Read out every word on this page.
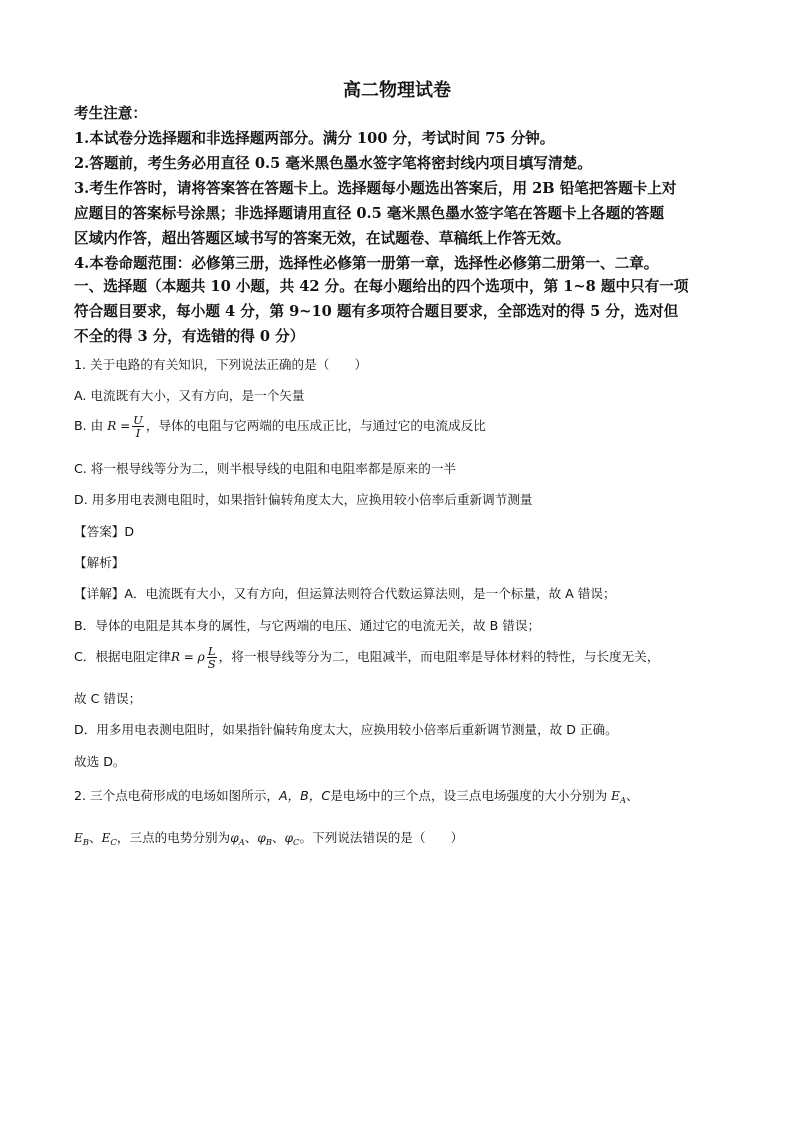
高二物理试卷
考生注意：
1.本试卷分选择题和非选择题两部分。满分 100 分，考试时间 75 分钟。
2.答题前，考生务必用直径 0.5 毫米黑色墨水签字笔将密封线内项目填写清楚。
3.考生作答时，请将答案答在答题卡上。选择题每小题选出答案后，用 2B 铅笔把答题卡上对
应题目的答案标号涂黑；非选择题请用直径 0.5 毫米黑色墨水签字笔在答题卡上各题的答题
区域内作答，超出答题区域书写的答案无效，在试题卷、草稿纸上作答无效。
4.本卷命题范围：必修第三册，选择性必修第一册第一章，选择性必修第二册第一、二章。
一、选择题（本题共 10 小题，共 42 分。在每小题给出的四个选项中，第 1~8 题中只有一项
符合题目要求，每小题 4 分，第 9~10 题有多项符合题目要求，全部选对的得 5 分，选对但
不全的得 3 分，有选错的得 0 分）
1. 关于电路的有关知识，下列说法正确的是（　　）
A. 电流既有大小，又有方向，是一个矢量
B. 由 $R = \frac{U}{I}$ ，导体的电阻与它两端的电压成正比，与通过它的电流成反比
C. 将一根导线等分为二，则半根导线的电阻和电阻率都是原来的一半
D. 用多用电表测电阻时，如果指针偏转角度太大，应换用较小倍率后重新调节测量
【答案】D
【解析】
【详解】A．电流既有大小，又有方向，但运算法则符合代数运算法则，是一个标量，故 A 错误；
B．导体的电阻是其本身的属性，与它两端的电压、通过它的电流无关，故 B 错误；
C．根据电阻定律R = ρ $\frac{L}{S}$ ，将一根导线等分为二，电阻减半，而电阻率是导体材料的特性，与长度无关，
故 C 错误；
D．用多用电表测电阻时，如果指针偏转角度太大，应换用较小倍率后重新调节测量，故 D 正确。
故选 D。
2. 三个点电荷形成的电场如图所示，A，B，C是电场中的三个点，设三点电场强度的大小分别为 $E_A$、
$E_B$、$E_C$，三点的电势分别为$\varphi_A$、$\varphi_B$、$\varphi_C$。下列说法错误的是（　　）
